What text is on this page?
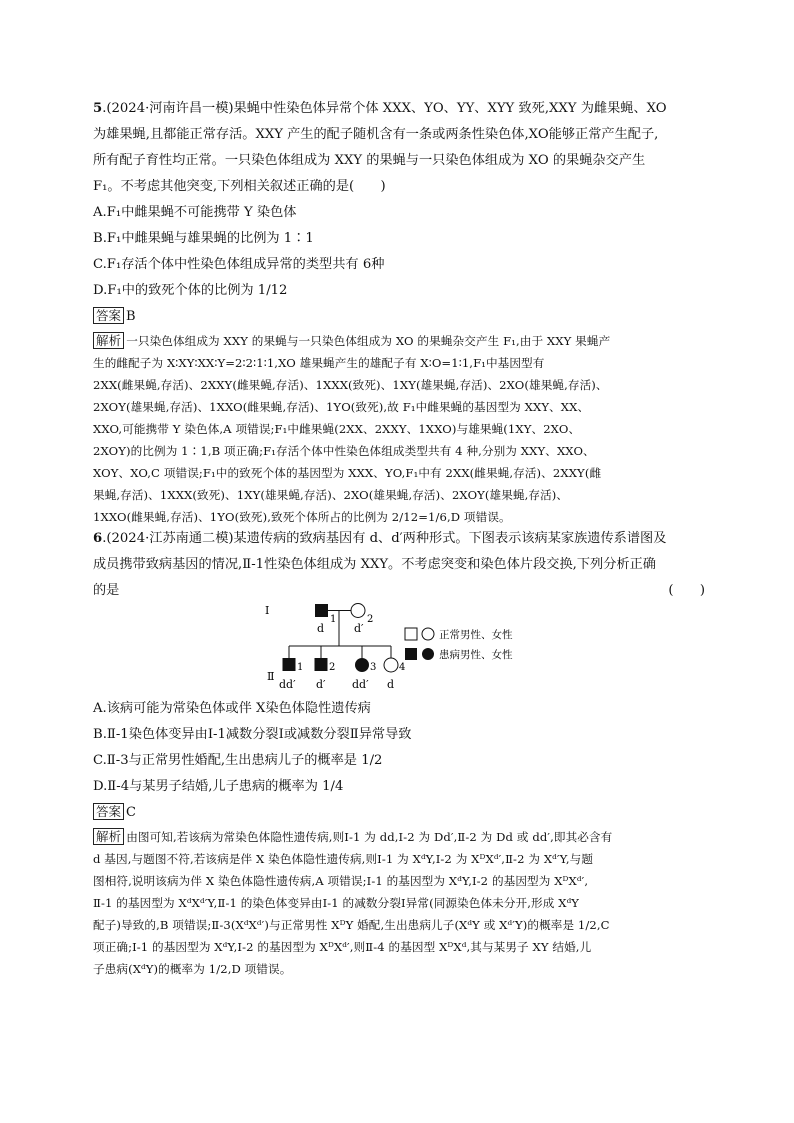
5.(2024·河南许昌一模)果蝇中性染色体异常个体 XXX、YO、YY、XYY 致死,XXY 为雌果蝇、XO
为雄果蝇,且都能正常存活。XXY 产生的配子随机含有一条或两条性染色体,XO能够正常产生配子,
所有配子育性均正常。一只染色体组成为 XXY 的果蝇与一只染色体组成为 XO 的果蝇杂交产生
F₁。不考虑其他突变,下列相关叙述正确的是(　　)

A.F₁中雌果蝇不可能携带 Y 染色体

B.F₁中雌果蝇与雄果蝇的比例为 1∶1

C.F₁存活个体中性染色体组成异常的类型共有 6种

D.F₁中的致死个体的比例为 1/12

答案 B

解析 一只染色体组成为 XXY 的果蝇与一只染色体组成为 XO 的果蝇杂交产生 F₁,由于 XXY 果蝇产
生的雌配子为 X∶XY∶XX∶Y=2∶2∶1∶1,XO 雄果蝇产生的雄配子有 X∶O=1∶1,F₁中基因型有
2XX(雌果蝇,存活)、2XXY(雌果蝇,存活)、1XXX(致死)、1XY(雄果蝇,存活)、2XO(雄果蝇,存活)、
2XOY(雄果蝇,存活)、1XXO(雌果蝇,存活)、1YO(致死),故 F₁中雌果蝇的基因型为 XXY、XX、
XXO,可能携带 Y 染色体,A 项错误;F₁中雌果蝇(2XX、2XXY、1XXO)与雄果蝇(1XY、2XO、
2XOY)的比例为 1∶1,B 项正确;F₁存活个体中性染色体组成类型共有 4 种,分别为 XXY、XXO、
XOY、XO,C 项错误;F₁中的致死个体的基因型为 XXX、YO,F₁中有 2XX(雌果蝇,存活)、2XXY(雌
果蝇,存活)、1XXX(致死)、1XY(雄果蝇,存活)、2XO(雄果蝇,存活)、2XOY(雄果蝇,存活)、
1XXO(雌果蝇,存活)、1YO(致死),致死个体所占的比例为 2/12=1/6,D 项错误。

6.(2024·江苏南通二模)某遗传病的致病基因有 d、d′两种形式。下图表示该病某家族遗传系谱图及
成员携带致病基因的情况,Ⅱ-1性染色体组成为 XXY。不考虑突变和染色体片段交换,下列分析正确
的是	(　　)

Ⅰ
Ⅱ
1
d
2
d′
1	2	3 4
dd′ d′ dd′ d
正常男性、女性
患病男性、女性

A.该病可能为常染色体或伴 X染色体隐性遗传病

B.Ⅱ-1染色体变异由Ⅰ-1减数分裂Ⅰ或减数分裂Ⅱ异常导致

C.Ⅱ-3与正常男性婚配,生出患病儿子的概率是 1/2

D.Ⅱ-4与某男子结婚,儿子患病的概率为 1/4

答案 C

解析 由图可知,若该病为常染色体隐性遗传病,则Ⅰ-1 为 dd,Ⅰ-2 为 Dd′,Ⅱ-2 为 Dd 或 dd′,即其必含有
d 基因,与题图不符,若该病是伴 X 染色体隐性遗传病,则Ⅰ-1 为 XᵈY,Ⅰ-2 为 XᴰXᵈ′,Ⅱ-2 为 Xᵈ′Y,与题
图相符,说明该病为伴 X 染色体隐性遗传病,A 项错误;Ⅰ-1 的基因型为 XᵈY,Ⅰ-2 的基因型为 XᴰXᵈ′,
Ⅱ-1 的基因型为 XᵈXᵈ′Y,Ⅱ-1 的染色体变异由Ⅰ-1 的减数分裂Ⅰ异常(同源染色体未分开,形成 XᵈY
配子)导致的,B 项错误;Ⅱ-3(XᵈXᵈ′)与正常男性 XᴰY 婚配,生出患病儿子(XᵈY 或 Xᵈ′Y)的概率是 1/2,C
项正确;Ⅰ-1 的基因型为 XᵈY,Ⅰ-2 的基因型为 XᴰXᵈ′,则Ⅱ-4 的基因型 XᴰXᵈ,其与某男子 XY 结婚,儿
子患病(XᵈY)的概率为 1/2,D 项错误。
